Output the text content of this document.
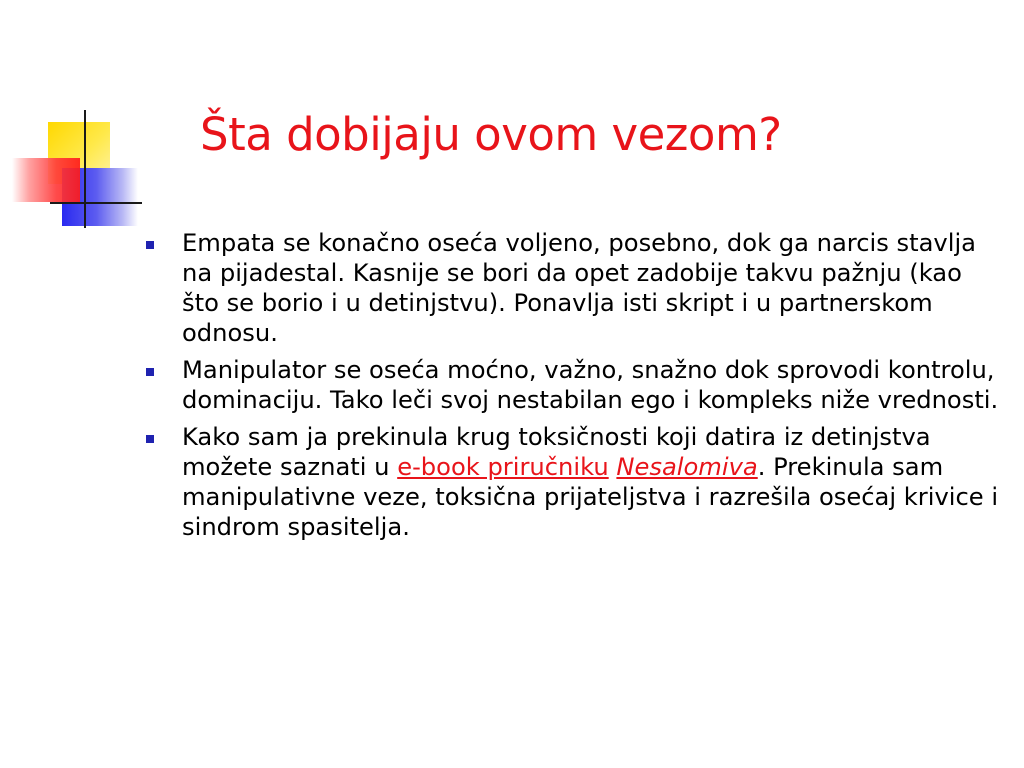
Šta dobijaju ovom vezom?
Empata se konačno oseća voljeno, posebno, dok ga narcis stavlja na pijadestal. Kasnije se bori da opet zadobije takvu pažnju (kao što se borio i u detinjstvu). Ponavlja isti skript i u partnerskom odnosu.
Manipulator se oseća moćno, važno, snažno dok sprovodi kontrolu, dominaciju. Tako leči svoj nestabilan ego i kompleks niže vrednosti.
Kako sam ja prekinula krug toksičnosti koji datira iz detinjstva možete saznati u e-book priručniku Nesalomiva. Prekinula sam manipulativne veze, toksična prijateljstva i razrešila osećaj krivice i sindrom spasitelja.
